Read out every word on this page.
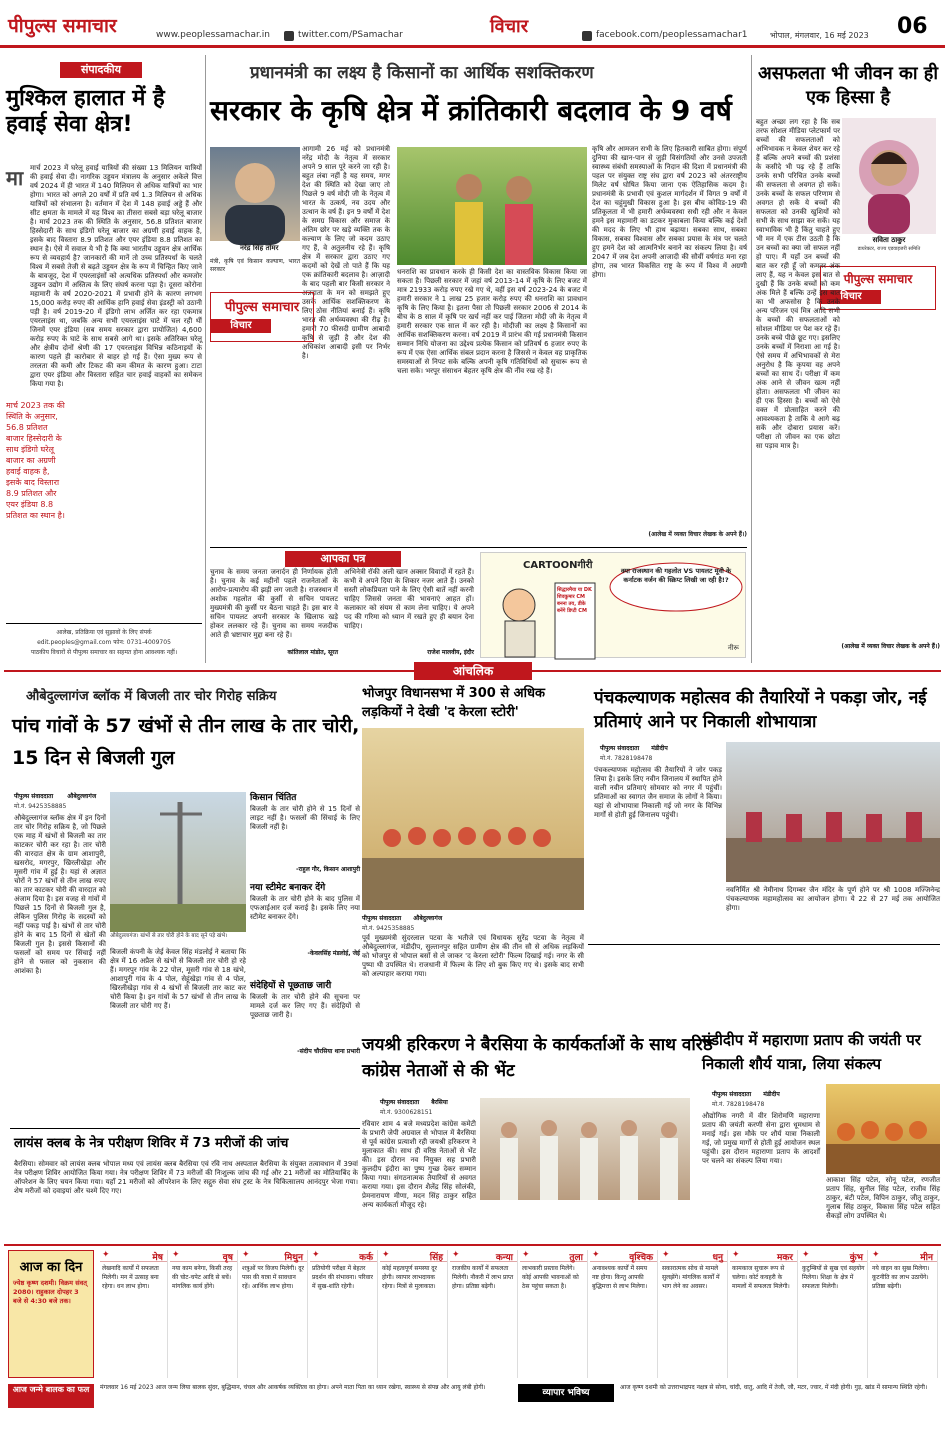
पीपुल्स समाचार	www.peoplessamachar.in	विचार
twitter.com/PSamachar	facebook.com/peoplessamachar1	भोपाल, मंगलवार, 16 मई 2023 06
संपादकीय
मुश्किल हालात में है हवाई सेवा क्षेत्र!
मा मार्च 2023 में घरेलू हवाई यात्रियों की संख्या 13 मिलियन यात्रियों की हवाई सेवा दी। नागरिक उड्डयन मंत्रालय के अनुसार अकेले वित्त वर्ष 2024 में ही भारत में 140 मिलियन से अधिक यात्रियों का भार होगा। भारत को अगले 20 वर्षों में प्रति वर्ष 1.3 मिलियन से अधिक यात्रियों को संभालना है। वर्तमान में देश में 148 हवाई अड्डे हैं और सीट क्षमता के मामले में यह विश्व का तीसरा सबसे बड़ा घरेलू बाजार है। मार्च 2023 तक की स्थिति के अनुसार, 56.8 प्रतिशत बाजार हिस्सेदारी के साथ इंडिगो घरेलू बाजार का अग्रणी हवाई वाहक है, इसके बाद विस्तारा 8.9 प्रतिशत और एयर इंडिया 8.8 प्रतिशत का स्थान है। ऐसे में सवाल ये भी है कि क्या भारतीय उड्डयन क्षेत्र आर्थिक रूप से व्यवहार्य है? जानकारों की मानें तो उच्च प्रतिस्पर्धा के चलते विश्व में सबसे तेजी से बढ़ते उड्डयन क्षेत्र के रूप में चिन्हित किए जाने के बावजूद, देश में एयरलाइंसों को अत्यधिक प्रतिस्पर्धा और कमजोर उड्डयन उद्योग में अस्तित्व के लिए संघर्ष करना पड़ा है। दूसरा कोरोना महामारी के वर्ष 2020-2021 में प्रभावी होने के कारण लगभग 15,000 करोड़ रुपए की आर्थिक हानि हवाई सेवा इंडस्ट्री को उठानी पड़ी है। वर्ष 2019-20 में इंडिगो लाभ अर्जित कर रहा एकमात्र एयरलाइंस था, जबकि अन्य सभी एयरलाइंस घाटे में चल रही थीं जिनमें एयर इंडिया (सब समय सरकार द्वारा प्रायोजित) 4,600 करोड़ रुपए के घाटे के साथ सबसे आगे था। इसके अतिरिक्त घरेलू और क्षेत्रीय दोनों श्रेणी की 17 एयरलाइंस विभिन्न कठिनाइयों के कारण पहले ही कारोबार से बाहर हो गई हैं। ऐसा मुख्य रूप से तरलता की कमी और टिकट की कम कीमत के कारण हुआ। टाटा द्वारा एयर इंडिया और विस्तारा सहित चार हवाई वाहकों का समेकन किया गया है।
मार्च 2023 तक की स्थिति के अनुसार, 56.8 प्रतिशत बाजार हिस्सेदारी के साथ इंडिगो घरेलू बाजार का अग्रणी हवाई वाहक है, इसके बाद विस्तारा 8.9 प्रतिशत और एयर इंडिया 8.8 प्रतिशत का स्थान है।
आलेख, प्रतिक्रिया एवं सुझावों के लिए संपर्क
edit.peoples@gmail.com फोन: 0731-4009705
पाठकीय विचारों से पीपुल्स समाचार का सहमत होना आवश्यक नहीं।
प्रधानमंत्री का लक्ष्य है किसानों का आर्थिक सशक्तिकरण
सरकार के कृषि क्षेत्र में क्रांतिकारी बदलाव के 9 वर्ष
नरेंद्र सिंह तोमर
मंत्री, कृषि एवं किसान कल्याण, भारत सरकार
आगामी 26 मई को प्रधानमंत्री नरेंद्र मोदी के नेतृत्व में सरकार अपने 9 साल पूरे करने जा रही है। बहुत लंबा नहीं है यह समय, मगर देश की स्थिति को देखा जाए तो पिछले 9 वर्ष मोदी जी के नेतृत्व में भारत के उत्कर्ष, नव उदय और उत्थान के वर्ष हैं। इन 9 वर्षों में देश के समग्र विकास और समाज के अंतिम छोर पर खड़े व्यक्ति तक के कल्याण के लिए जो कदम उठाए गए हैं, वे अतुलनीय रहे हैं। कृषि क्षेत्र में सरकार द्वारा उठाए गए कदमों को देखें तो पाते हैं कि यह एक क्रांतिकारी बदलाव है। आज़ादी के बाद पहली बार किसी सरकार ने अन्नदाता के मन को समझते हुए उसके आर्थिक सशक्तिकरण के लिए ठोस नीतियां बनाई हैं। कृषि भारत की अर्थव्यवस्था की रीढ़ है। हमारी 70 फीसदी ग्रामीण आबादी कृषि से जुड़ी है और देश की अधिकांश आबादी इसी पर निर्भर है।
पीपुल्स समाचार
विचार
धनराशि का प्रावधान करके ही किसी देश का वास्तविक विकास किया जा सकता है। पिछली सरकार में जहां वर्ष 2013-14 में कृषि के लिए बजट में मात्र 21933 करोड़ रुपए रखे गए थे, वहीं इस वर्ष 2023-24 के बजट में हमारी सरकार ने 1 लाख 25 हजार करोड़ रुपए की धनराशि का प्रावधान कृषि के लिए किया है। इतना पैसा तो पिछली सरकार 2006 से 2014 के बीच के 8 साल में कृषि पर खर्च नहीं कर पाई जितना मोदी जी के नेतृत्व में हमारी सरकार एक साल में कर रही है। मोदीजी का लक्ष्य है किसानों का आर्थिक सशक्तिकरण करना। वर्ष 2019 में प्रारंभ की गई प्रधानमंत्री किसान सम्मान निधि योजना का उद्देश्य प्रत्येक किसान को प्रतिवर्ष 6 हजार रुपए के रूप में एक ऐसा आर्थिक संबल प्रदान करना है जिससे न केवल वह प्राकृतिक समस्याओं से निपट सके बल्कि अपनी कृषि गतिविधियों को सुचारू रूप से चला सके। भरपूर संसाधन बेहतर कृषि क्षेत्र की नींव रख रहे हैं।
कृषि और आमजन सभी के लिए हितकारी साबित होगा। संपूर्ण दुनिया की खान-पान से जुड़ी विसंगतियों और उनसे उपजती स्वास्थ्य संबंधी समस्याओं के निदान की दिशा में प्रधानमंत्री की पहल पर संयुक्त राष्ट्र संघ द्वारा वर्ष 2023 को अंतरराष्ट्रीय मिलेट वर्ष घोषित किया जाना एक ऐतिहासिक कदम है। प्रधानमंत्री के प्रभावी एवं कुशल मार्गदर्शन में विगत 9 वर्षों में देश का चहुंमुखी विकास हुआ है। इस बीच कोविड-19 की प्रतिकूलता में भी हमारी अर्थव्यवस्था सधी रही और न केवल हमने इस महामारी का डटकर मुकाबला किया बल्कि कई देशों की मदद के लिए भी हाथ बढ़ाया। सबका साथ, सबका विकास, सबका विश्वास और सबका प्रयास के मंत्र पर चलते हुए हमने देश को आत्मनिर्भर बनाने का संकल्प लिया है। वर्ष 2047 में जब देश अपनी आजादी की सौवीं वर्षगांठ मना रहा होगा, तब भारत विकसित राष्ट्र के रूप में विश्व में अग्रणी होगा।
(आलेख में व्यक्त विचार लेखक के अपने हैं।)
असफलता भी जीवन का ही एक हिस्सा है
सविता ठाकुर
डायरेक्टर, राज्य एडवाइजरी समिति
पीपुल्स समाचार
विचार
बहुत अच्छा लग रहा है कि सब तरफ सोशल मीडिया प्लेटफार्म पर बच्चों की सफलताओं को अभिभावक न केवल शेयर कर रहे हैं बल्कि अपने बच्चों की प्रशंसा के कसीदे भी पढ़ रहे हैं ताकि उनके सभी परिचित उनके बच्चों की सफलता से अवगत हो सकें। उनके बच्चों के सफल परिणाम से अवगत हो सकें ये बच्चों की सफलता को उनकी खुशियों को सभी के साथ साझा कर सकें। यह स्वाभाविक भी है किंतु चाहते हुए भी मन में एक टीस उठती है कि उन बच्चों का क्या जो सफल नहीं हो पाए। मैं यहाँ उन बच्चों की बात कर रही हूँ जो कमतर अंक लाए हैं, यह न केवल इस बात से दुखी हैं कि उनके बच्चों को कम अंक मिले हैं बल्कि उन्हें इस बात का भी अफसोस है कि उनके अन्य परिजन एवं मित्र आदि सभी के बच्चों की सफलताओं को सोशल मीडिया पर पेश कर रहे हैं। उनके बच्चे पीछे छूट गए। इसलिए उनके बच्चों में निराशा आ गई है। ऐसे समय में अभिभावकों से मेरा अनुरोध है कि कृपया वह अपने बच्चों का साथ दें। परीक्षा में कम अंक आने से जीवन खत्म नहीं होता। असफलता भी जीवन का ही एक हिस्सा है। बच्चों को ऐसे वक्त में प्रोत्साहित करने की आवश्यकता है ताकि वे आगे बढ़ सकें और दोबारा प्रयास करें। परीक्षा तो जीवन का एक छोटा सा पड़ाव मात्र है।
(आलेख में व्यक्त विचार लेखक के अपने हैं।)
आपका पत्र
चुनाव के समय जनता जनार्दन ही निर्णायक होती है। चुनाव के कई महीनों पहले राजनेताओं के आरोप-प्रत्यारोप की झड़ी लग जाती है। राजस्थान में अशोक गहलोत की कुर्सी से सचिन पायलट मुख्यमंत्री की कुर्सी पर बैठना चाहते हैं। इस बार वे सचिन पायलट अपनी सरकार के खिलाफ खड़े होकर ललकार रहे हैं। चुनाव का समय नजदीक आते ही भ्रष्टाचार मुद्दा बना रहे हैं।
कांतिलाल मांडोत, सूरत
अभिनेत्री रॉकी अली खान अक्सर विवादों में रहते हैं। कभी वे अपने दिया के शिकार नजर आते हैं। उनको सस्ती लोकप्रियता पाने के लिए ऐसी बातें नहीं करनी चाहिए जिससे जनता की भावनाएं आहत हों। कलाकार को संयम से काम लेना चाहिए। ये अपने पद की गरिमा को ध्यान में रखते हुए ही बयान देना चाहिए।
राजेश मालवीय, इंदौर
CARTOONगीरी	क्या राजस्थान की गहलोत VS पायलट मूवी के कर्नाटक वर्जन की स्क्रिप्ट लिखी जा रही है!?
सिद्धारमैया या DK शिवकुमार CM बनना तय, डीके बनेंगे डिप्टी CM
नीरू
आंचलिक
औबेदुल्लागंज ब्लॉक में बिजली तार चोर गिरोह सक्रिय
पांच गांवों के 57 खंभों से तीन लाख के तार चोरी, 15 दिन से बिजली गुल
पीपुल्स संवाददाता औबेदुल्लागंज
मो.नं. 9425358885
औबेदुल्लागंज ब्लॉक क्षेत्र में इन दिनों तार चोर गिरोह सक्रिय है, जो पिछले एक माह में खंभों से बिजली का तार काटकर चोरी कर रहा है। तार चोरी की वारदात क्षेत्र के ग्राम आशापुरी, खसरोद, मगरपुर, खिरलीखेड़ा और मूसरी गांव में हुई है। यहां से अज्ञात चोरों ने 57 खंभों से तीन लाख रुपए का तार काटकर चोरी की वारदात को अंजाम दिया है। इस वजह से गांवों में पिछले 15 दिनों से बिजली गुल है, लेकिन पुलिस गिरोह के सदस्यों को नहीं पकड़ पाई है। खंभों से तार चोरी होने के बाद 15 दिनों से खेतों की बिजली गुल है। इससे किसानों की फसलों को समय पर सिंचाई नहीं होने से फसल को नुकसान की आशंका है।
औबेदुल्लागंज। खंभों से तार चोरी होने के बाद सूने पड़े खंभे।
बिजली कंपनी के जेई केवल सिंह मंडलोई ने बताया कि क्षेत्र में 16 अप्रैल से खंभों से बिजली तार चोरी हो रहे हैं। मगरपुर गांव के 22 पोल, मूसरी गांव से 18 खंभे, आशापुरी गांव के 4 पोल, सेहूंखेड़ा गांव से 4 पोल, खिरलीखेड़ा गांव से 4 खंभों से बिजली तार काट कर चोरी किया है। इन गांवों के 57 खंभों से तीन लाख के बिजली तार चोरी गए हैं।
किसान चिंतित
बिजली के तार चोरी होने से 15 दिनों से लाइट नहीं है। फसलों की सिंचाई के लिए बिजली नहीं है।
-राहुल गौर, किसान आशापुरी
नया स्टीमेट बनाकर देंगे
बिजली के तार चोरी होने के बाद पुलिस में एफआईआर दर्ज कराई है। इसके लिए नया स्टीमेट बनाकर देंगे।
-केवलसिंह मंडलोई, जेई
संदेहियों से पूछताछ जारी
बिजली के तार चोरी होने की सूचना पर मामले दर्ज कर लिए गए हैं। संदेहियों से पूछताछ जारी है।
-संदीप चौरसिया थाना प्रभारी
लायंस क्लब के नेत्र परीक्षण शिविर में 73 मरीजों की जांच
बैरसिया। सोमवार को लायंस क्लब भोपाल मध्य एवं लायंस क्लब बैरसिया एवं रवि नाथ अस्पताल बैरसिया के संयुक्त तत्वावधान में 39वां नेत्र परीक्षण शिविर आयोजित किया गया। नेत्र परीक्षण शिविर में 73 मरीजों की निःशुल्क जांच की गई और 21 मरीजों का मोतियाबिंद के ऑपरेशन के लिए चयन किया गया। यहाँ 21 मरीजों को ऑपरेशन के लिए सद्गुरु सेवा संघ ट्रस्ट के नेत्र चिकित्सालय आनंदपुर भेजा गया। शेष मरीजों को दवाइयां और चश्मे दिए गए।
भोजपुर विधानसभा में 300 से अधिक लड़कियों ने देखी 'द केरला स्टोरी'
पीपुल्स संवाददाता औबेदुल्लागंज
मो.नं. 9425358885
पूर्व मुख्यमंत्री सुंदरलाल पटवा के भतीजे एवं विधायक सुरेंद्र पटवा के नेतृत्व में औबेदुल्लागंज, मंडीदीप, सुल्तानपुर सहित ग्रामीण क्षेत्र की तीन सौ से अधिक लड़कियों को भोजपुर से भोपाल बसों से ले जाकर 'द केरला स्टोरी' फिल्म दिखाई गई। नगर के सी पुष्पा थी उपस्थित थे। राजधानी में फिल्म के लिए शो बुक किए गए थे। इसके बाद सभी को अल्पाहार कराया गया।
पंचकल्याणक महोत्सव की तैयारियों ने पकड़ा जोर, नई प्रतिमाएं आने पर निकाली शोभायात्रा
पीपुल्स संवाददाता मंडीदीप
मो.नं. 7828198478
पंचकल्याणक महोत्सव की तैयारियों ने जोर पकड़ लिया है। इसके लिए नवीन जिनालय में स्थापित होने वाली नवीन प्रतिमाएं सोमवार को नगर में पहुंचीं। प्रतिमाओं का स्वागत जैन समाज के लोगों ने किया। यहां से शोभायात्रा निकाली गई जो नगर के विभिन्न मार्गों से होती हुई जिनालय पहुंची।
नवनिर्मित श्री नेमीनाथ दिगम्बर जैन मंदिर के पूर्ण होने पर श्री 1008 मज्जिनेन्द्र पंचकल्याणक महामहोत्सव का आयोजन होगा। ये 22 से 27 मई तक आयोजित होगा।
जयश्री हरिकरण ने बैरसिया के कार्यकर्ताओं के साथ वरिष्ठ कांग्रेस नेताओं से की भेंट
पीपुल्स संवाददाता बैरसिया
मो.नं. 9300628151
रविवार शाम 4 बजे मध्यप्रदेश कांग्रेस कमेटी के प्रभारी जेपी अग्रवाल से भोपाल में बैरसिया से पूर्व कांग्रेस प्रत्याशी रही जयश्री हरिकरण ने मुलाकात की। साथ ही वरिष्ठ नेताओं से भेंट की। इस दौरान नव नियुक्त सह प्रभारी कुलदीप इंदौरा का पुष्प गुच्छ देकर सम्मान किया गया। संगठनात्मक तैयारियों से अवगत कराया गया। इस दौरान शैलेंद्र सिंह सोलंकी, प्रेमनारायण मीणा, मदन सिंह ठाकुर सहित अन्य कार्यकर्ता मौजूद रहे।
मंडीदीप में महाराणा प्रताप की जयंती पर निकाली शौर्य यात्रा, लिया संकल्प
पीपुल्स संवाददाता मंडीदीप
मो.नं. 7828198478
औद्योगिक नगरी में वीर शिरोमणि महाराणा प्रताप की जयंती करणी सेना द्वारा धूमधाम से मनाई गई। इस मौके पर शौर्य यात्रा निकाली गई, जो प्रमुख मार्गों से होती हुई आयोजन स्थल पहुंची। इस दौरान महाराणा प्रताप के आदर्शों पर चलने का संकल्प लिया गया।
आकाश सिंह पटेल, सोनू पटेल, रणजीत प्रताप सिंह, सुनील सिंह पटेल, राजीव सिंह ठाकुर, बंटी पटेल, विपिन ठाकुर, जीतू ठाकुर, गुलाब सिंह ठाकुर, विकास सिंह पटेल सहित सैकड़ों लोग उपस्थित थे।
आज का दिन
ज्येष्ठ कृष्ण दशमी। विक्रम संवत् 2080। राहुकाल दोपहर 3 बजे से 4:30 बजे तक।
✦	मेष
लेखनादि कार्यों में सफलता मिलेगी। मन में उत्साह बना रहेगा। धन लाभ होगा।
✦	वृष
नया काम बनेगा, किसी तरह की चोट-चपेट आदि से बचें। मांगलिक कार्य होंगे।
✦	मिथुन
शत्रुओं पर विजय मिलेगी। दूर पास की यात्रा में सावधान रहें। आर्थिक लाभ होगा।
✦	कर्क
प्रतियोगी परीक्षा में बेहतर प्रदर्शन की संभावना। परिवार में सुख-शांति रहेगी।
✦	सिंह
कोई महत्वपूर्ण समस्या दूर होगी। व्यापार लाभदायक रहेगा। मित्रों से मुलाकात।
✦	कन्या
राजकीय कार्यों में सफलता मिलेगी। नौकरी में लाभ प्राप्त होगा। प्रतिष्ठा बढ़ेगी।
✦	तुला
लाभकारी प्रस्ताव मिलेंगे। कोई आपकी भावनाओं को ठेस पहुंचा सकता है।
✦	वृश्चिक
अनावश्यक कार्यों में समय नष्ट होगा। किन्तु आपकी बुद्धिमत्ता से लाभ मिलेगा।
✦	धनु
सकारात्मक सोच से मामले सुलझेंगे। मांगलिक कार्यों में भाग लेने का अवसर।
✦	मकर
कामकाज सुचारू रूप से चलेगा। कोर्ट कचहरी के मामलों में सफलता मिलेगी।
✦	कुंभ
कुटुम्बियों से सुख एवं सहयोग मिलेगा। शिक्षा के क्षेत्र में सफलता मिलेगी।
✦	मीन
नये वाहन का सुख मिलेगा। कूटनीति का लाभ उठायेंगे। प्रतिष्ठा बढ़ेगी।
आज जन्मे बालक का फल	मंगलवार 16 मई 2023 आज जन्म लिया बालक सुंदर, बुद्धिमान, चंचल और आकर्षक व्यक्तित्व का होगा। अपने माता पिता का ध्यान रखेगा, स्वास्थ्य से संपन्न और आयु लंबी होगी।
व्यापार भविष्य
आज कृष्ण दशमी को उत्तराभाद्रपद नक्षत्र से सोना, चांदी, धातु, आदि में तेजी, जौ, मटर, ज्वार, में मंदी होगी। गुड़, खांड में सामान्य स्थिति रहेगी।
